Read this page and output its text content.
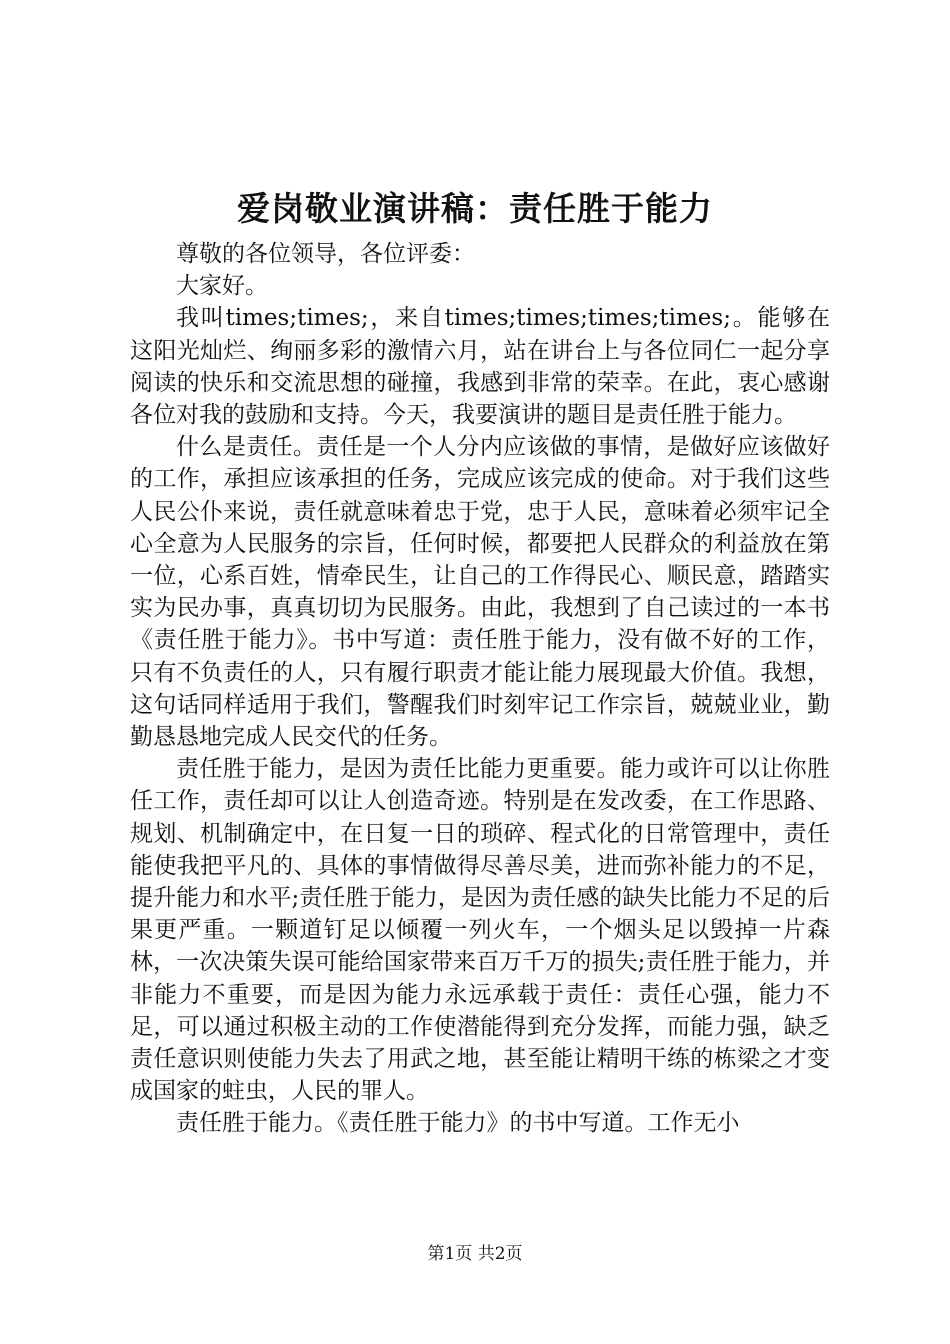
爱岗敬业演讲稿：责任胜于能力

尊敬的各位领导，各位评委：

大家好。

我叫times;times;，来自times;times;times;times;。能够在这阳光灿烂、绚丽多彩的激情六月，站在讲台上与各位同仁一起分享阅读的快乐和交流思想的碰撞，我感到非常的荣幸。在此，衷心感谢各位对我的鼓励和支持。今天，我要演讲的题目是责任胜于能力。

什么是责任。责任是一个人分内应该做的事情，是做好应该做好的工作，承担应该承担的任务，完成应该完成的使命。对于我们这些人民公仆来说，责任就意味着忠于党，忠于人民，意味着必须牢记全心全意为人民服务的宗旨，任何时候，都要把人民群众的利益放在第一位，心系百姓，情牵民生，让自己的工作得民心、顺民意，踏踏实实为民办事，真真切切为民服务。由此，我想到了自己读过的一本书《责任胜于能力》。书中写道：责任胜于能力，没有做不好的工作，只有不负责任的人，只有履行职责才能让能力展现最大价值。我想，这句话同样适用于我们，警醒我们时刻牢记工作宗旨，兢兢业业，勤勤恳恳地完成人民交代的任务。

责任胜于能力，是因为责任比能力更重要。能力或许可以让你胜任工作，责任却可以让人创造奇迹。特别是在发改委，在工作思路、规划、机制确定中，在日复一日的琐碎、程式化的日常管理中，责任能使我把平凡的、具体的事情做得尽善尽美，进而弥补能力的不足，提升能力和水平;责任胜于能力，是因为责任感的缺失比能力不足的后果更严重。一颗道钉足以倾覆一列火车，一个烟头足以毁掉一片森林，一次决策失误可能给国家带来百万千万的损失;责任胜于能力，并非能力不重要，而是因为能力永远承载于责任：责任心强，能力不足，可以通过积极主动的工作使潜能得到充分发挥，而能力强，缺乏责任意识则使能力失去了用武之地，甚至能让精明干练的栋梁之才变成国家的蛀虫，人民的罪人。

责任胜于能力。《责任胜于能力》的书中写道。工作无小

第1页 共2页
